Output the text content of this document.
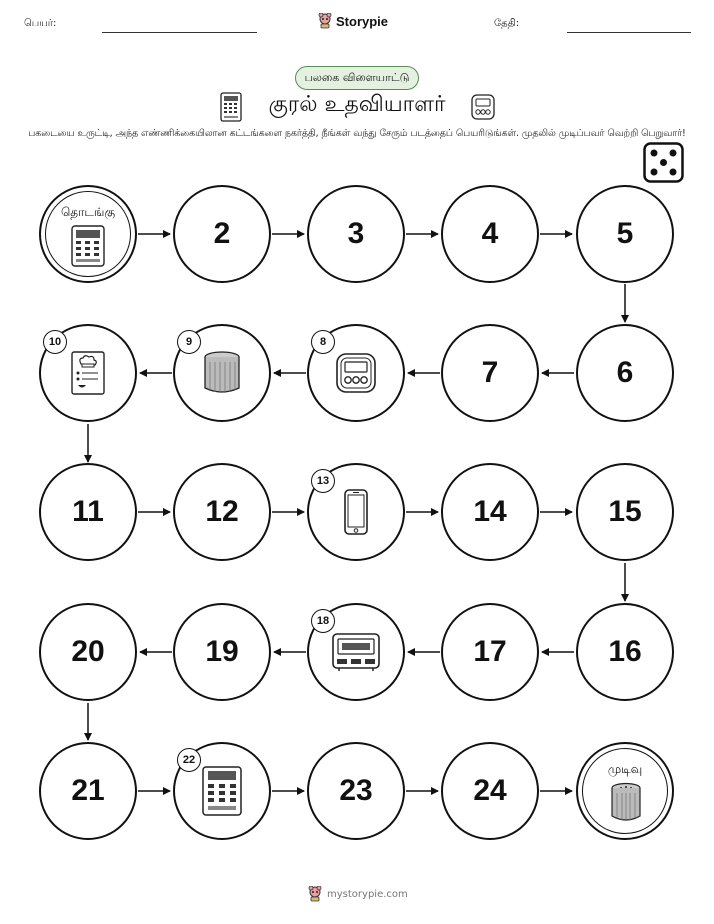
பெயர்:	Storypie	தேதி:
பலகை விளையாட்டு
குரல் உதவியாளர்
பகடையை உருட்டி, அந்த எண்ணிக்கையிலான கட்டங்களை நகர்த்தி, நீங்கள் வந்து சேரும் படத்தைப் பெயரிடுங்கள். முதலில் முடிப்பவர் வெற்றி பெறுவார்!
தொடங்கு
2	3	4	5
6
7
8
9
10
11	12
13
14	15
16
17
18
19
20
21
22
23	24
முடிவு
mystorypie.com
